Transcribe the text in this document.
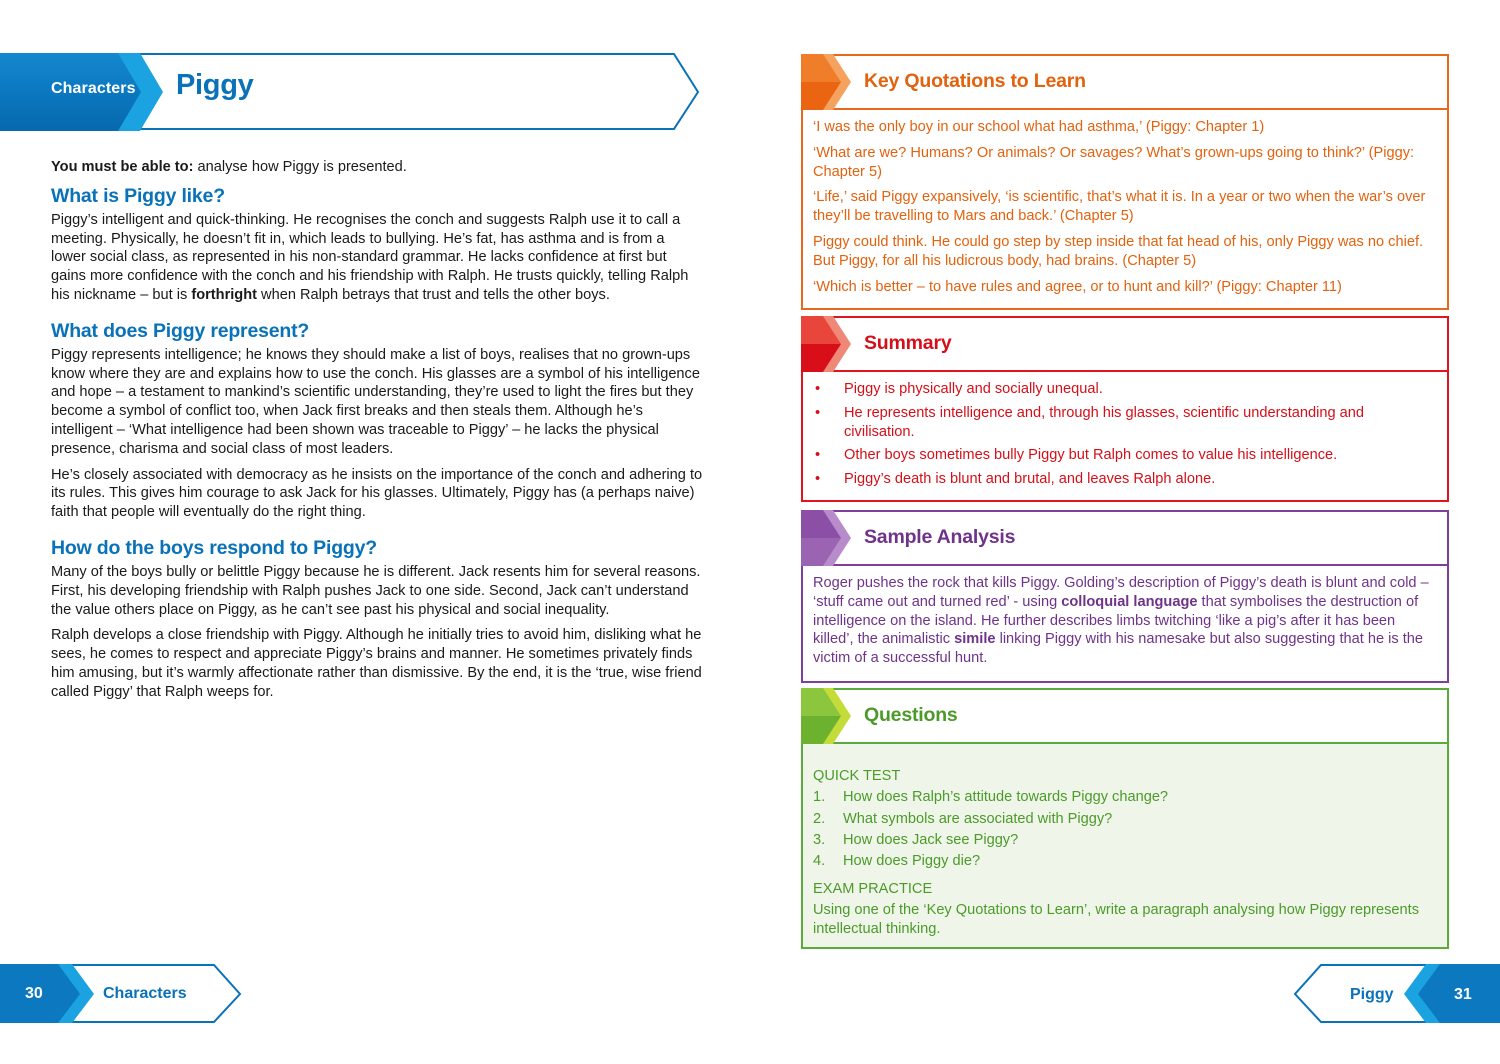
Characters Piggy

You must be able to: analyse how Piggy is presented.

What is Piggy like?

Piggy’s intelligent and quick-thinking. He recognises the conch and suggests Ralph use it to call a meeting. Physically, he doesn’t fit in, which leads to bullying. He’s fat, has asthma and is from a lower social class, as represented in his non-standard grammar. He lacks confidence at first but gains more confidence with the conch and his friendship with Ralph. He trusts quickly, telling Ralph his nickname – but is forthright when Ralph betrays that trust and tells the other boys.

What does Piggy represent?

Piggy represents intelligence; he knows they should make a list of boys, realises that no grown-ups know where they are and explains how to use the conch. His glasses are a symbol of his intelligence and hope – a testament to mankind’s scientific understanding, they’re used to light the fires but they become a symbol of conflict too, when Jack first breaks and then steals them. Although he’s intelligent – ‘What intelligence had been shown was traceable to Piggy’ – he lacks the physical presence, charisma and social class of most leaders.

He’s closely associated with democracy as he insists on the importance of the conch and adhering to its rules. This gives him courage to ask Jack for his glasses. Ultimately, Piggy has (a perhaps naive) faith that people will eventually do the right thing.

How do the boys respond to Piggy?

Many of the boys bully or belittle Piggy because he is different. Jack resents him for several reasons. First, his developing friendship with Ralph pushes Jack to one side. Second, Jack can’t understand the value others place on Piggy, as he can’t see past his physical and social inequality.

Ralph develops a close friendship with Piggy. Although he initially tries to avoid him, disliking what he sees, he comes to respect and appreciate Piggy’s brains and manner. He sometimes privately finds him amusing, but it’s warmly affectionate rather than dismissive. By the end, it is the ‘true, wise friend called Piggy’ that Ralph weeps for.

Key Quotations to Learn

‘I was the only boy in our school what had asthma,’ (Piggy: Chapter 1)

‘What are we? Humans? Or animals? Or savages? What’s grown-ups going to think?’ (Piggy: Chapter 5)

‘Life,’ said Piggy expansively, ‘is scientific, that’s what it is. In a year or two when the war’s over they’ll be travelling to Mars and back.’ (Chapter 5)

Piggy could think. He could go step by step inside that fat head of his, only Piggy was no chief. But Piggy, for all his ludicrous body, had brains. (Chapter 5)

‘Which is better – to have rules and agree, or to hunt and kill?’ (Piggy: Chapter 11)

Summary
• Piggy is physically and socially unequal.
• He represents intelligence and, through his glasses, scientific understanding and civilisation.
• Other boys sometimes bully Piggy but Ralph comes to value his intelligence.
• Piggy’s death is blunt and brutal, and leaves Ralph alone.
Sample Analysis

Roger pushes the rock that kills Piggy. Golding’s description of Piggy’s death is blunt and cold – ‘stuff came out and turned red’ - using colloquial language that symbolises the destruction of intelligence on the island. He further describes limbs twitching ‘like a pig’s after it has been killed’, the animalistic simile linking Piggy with his namesake but also suggesting that he is the victim of a successful hunt.

Questions
QUICK TEST
1. How does Ralph’s attitude towards Piggy change?
2. What symbols are associated with Piggy?
3. How does Jack see Piggy?
4. How does Piggy die?
EXAM PRACTICE

Using one of the ‘Key Quotations to Learn’, write a paragraph analysing how Piggy represents intellectual thinking.

30	Characters	Piggy	31
